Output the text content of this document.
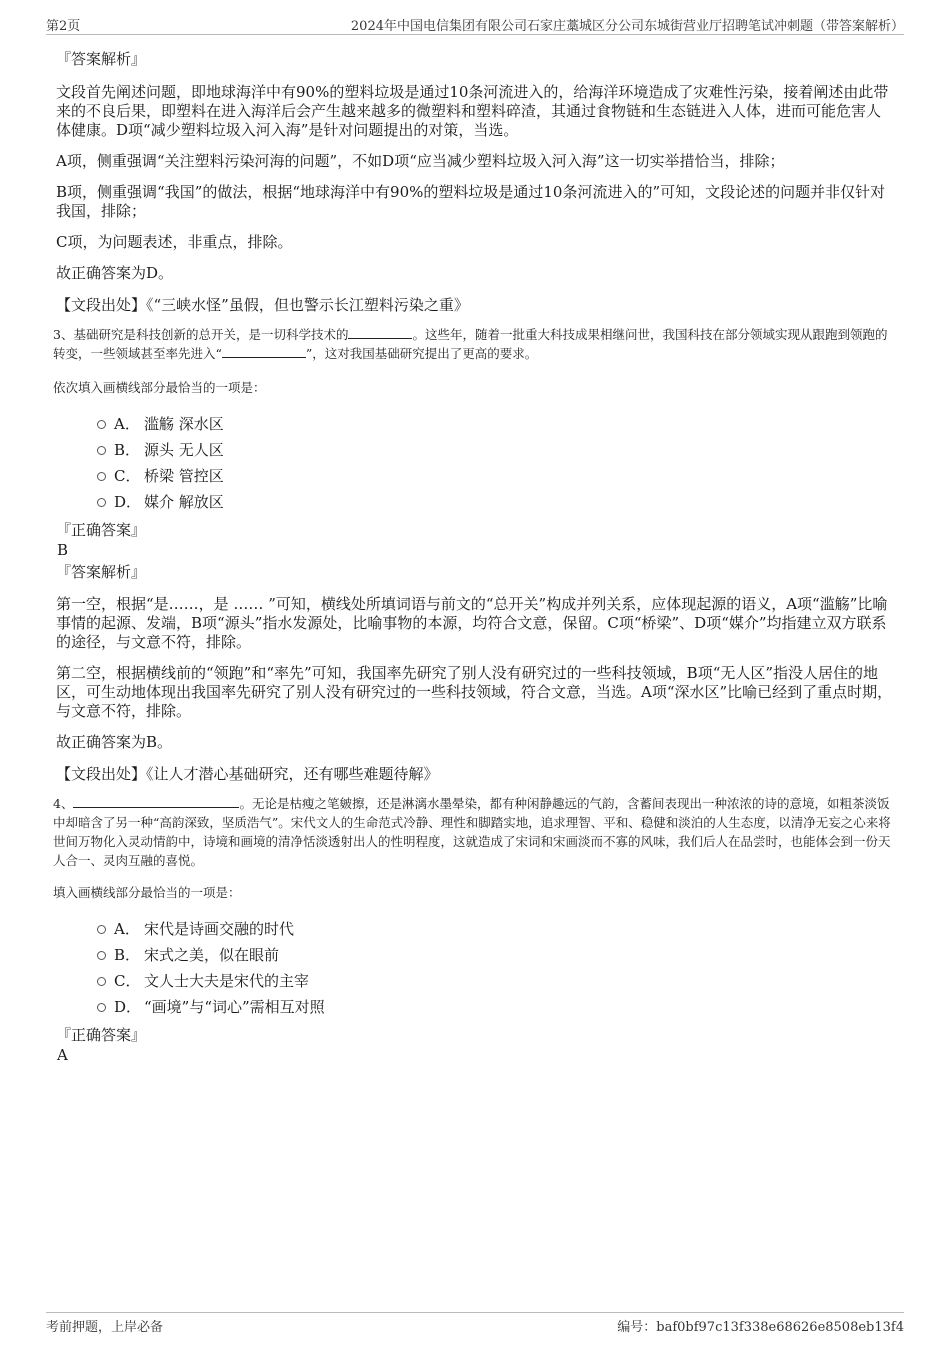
第2页	2024年中国电信集团有限公司石家庄藁城区分公司东城街营业厅招聘笔试冲刺题（带答案解析）

『答案解析』

文段首先阐述问题，即地球海洋中有90%的塑料垃圾是通过10条河流进入的，给海洋环境造成了灾难性污染，接着阐述由此带来的不良后果，即塑料在进入海洋后会产生越来越多的微塑料和塑料碎渣，其通过食物链和生态链进入人体，进而可能危害人体健康。D项“减少塑料垃圾入河入海”是针对问题提出的对策，当选。

A项，侧重强调“关注塑料污染河海的问题”，不如D项“应当减少塑料垃圾入河入海”这一切实举措恰当，排除；

B项，侧重强调“我国”的做法，根据“地球海洋中有90%的塑料垃圾是通过10条河流进入的”可知，文段论述的问题并非仅针对我国，排除；

C项，为问题表述，非重点，排除。

故正确答案为D。

【文段出处】《“三峡水怪”虽假，但也警示长江塑料污染之重》

3、基础研究是科技创新的总开关，是一切科学技术的	。这些年，随着一批重大科技成果相继问世，我国科技在部分领域实现从跟跑到领跑的转变，一些领域甚至率先进入“	”，这对我国基础研究提出了更高的要求。

依次填入画横线部分最恰当的一项是：

A． 滥觞 深水区
B． 源头 无人区
C． 桥梁 管控区
D． 媒介 解放区

『正确答案』

B

『答案解析』

第一空，根据“是……，是 …… ”可知，横线处所填词语与前文的“总开关”构成并列关系，应体现起源的语义，A项“滥觞”比喻事情的起源、发端，B项“源头”指水发源处，比喻事物的本源，均符合文意，保留。C项“桥梁”、D项“媒介”均指建立双方联系的途径，与文意不符，排除。

第二空，根据横线前的“领跑”和“率先”可知，我国率先研究了别人没有研究过的一些科技领域，B项“无人区”指没人居住的地区，可生动地体现出我国率先研究了别人没有研究过的一些科技领域，符合文意，当选。A项“深水区”比喻已经到了重点时期，与文意不符，排除。

故正确答案为B。

【文段出处】《让人才潜心基础研究，还有哪些难题待解》

4、	。无论是枯瘦之笔皴擦，还是淋漓水墨晕染，都有种闲静趣远的气韵，含蓄间表现出一种浓浓的诗的意境，如粗茶淡饭中却暗含了另一种“高韵深致，坚质浩气”。宋代文人的生命范式冷静、理性和脚踏实地，追求理智、平和、稳健和淡泊的人生态度，以清净无妄之心来将世间万物化入灵动情韵中，诗境和画境的清净恬淡透射出人的性明程度，这就造成了宋词和宋画淡而不寡的风味，我们后人在品尝时，也能体会到一份天人合一、灵肉互融的喜悦。

填入画横线部分最恰当的一项是：

A． 宋代是诗画交融的时代
B． 宋式之美，似在眼前
C． 文人士大夫是宋代的主宰
D． “画境”与“词心”需相互对照

『正确答案』

A

考前押题，上岸必备	编号：baf0bf97c13f338e68626e8508eb13f4
